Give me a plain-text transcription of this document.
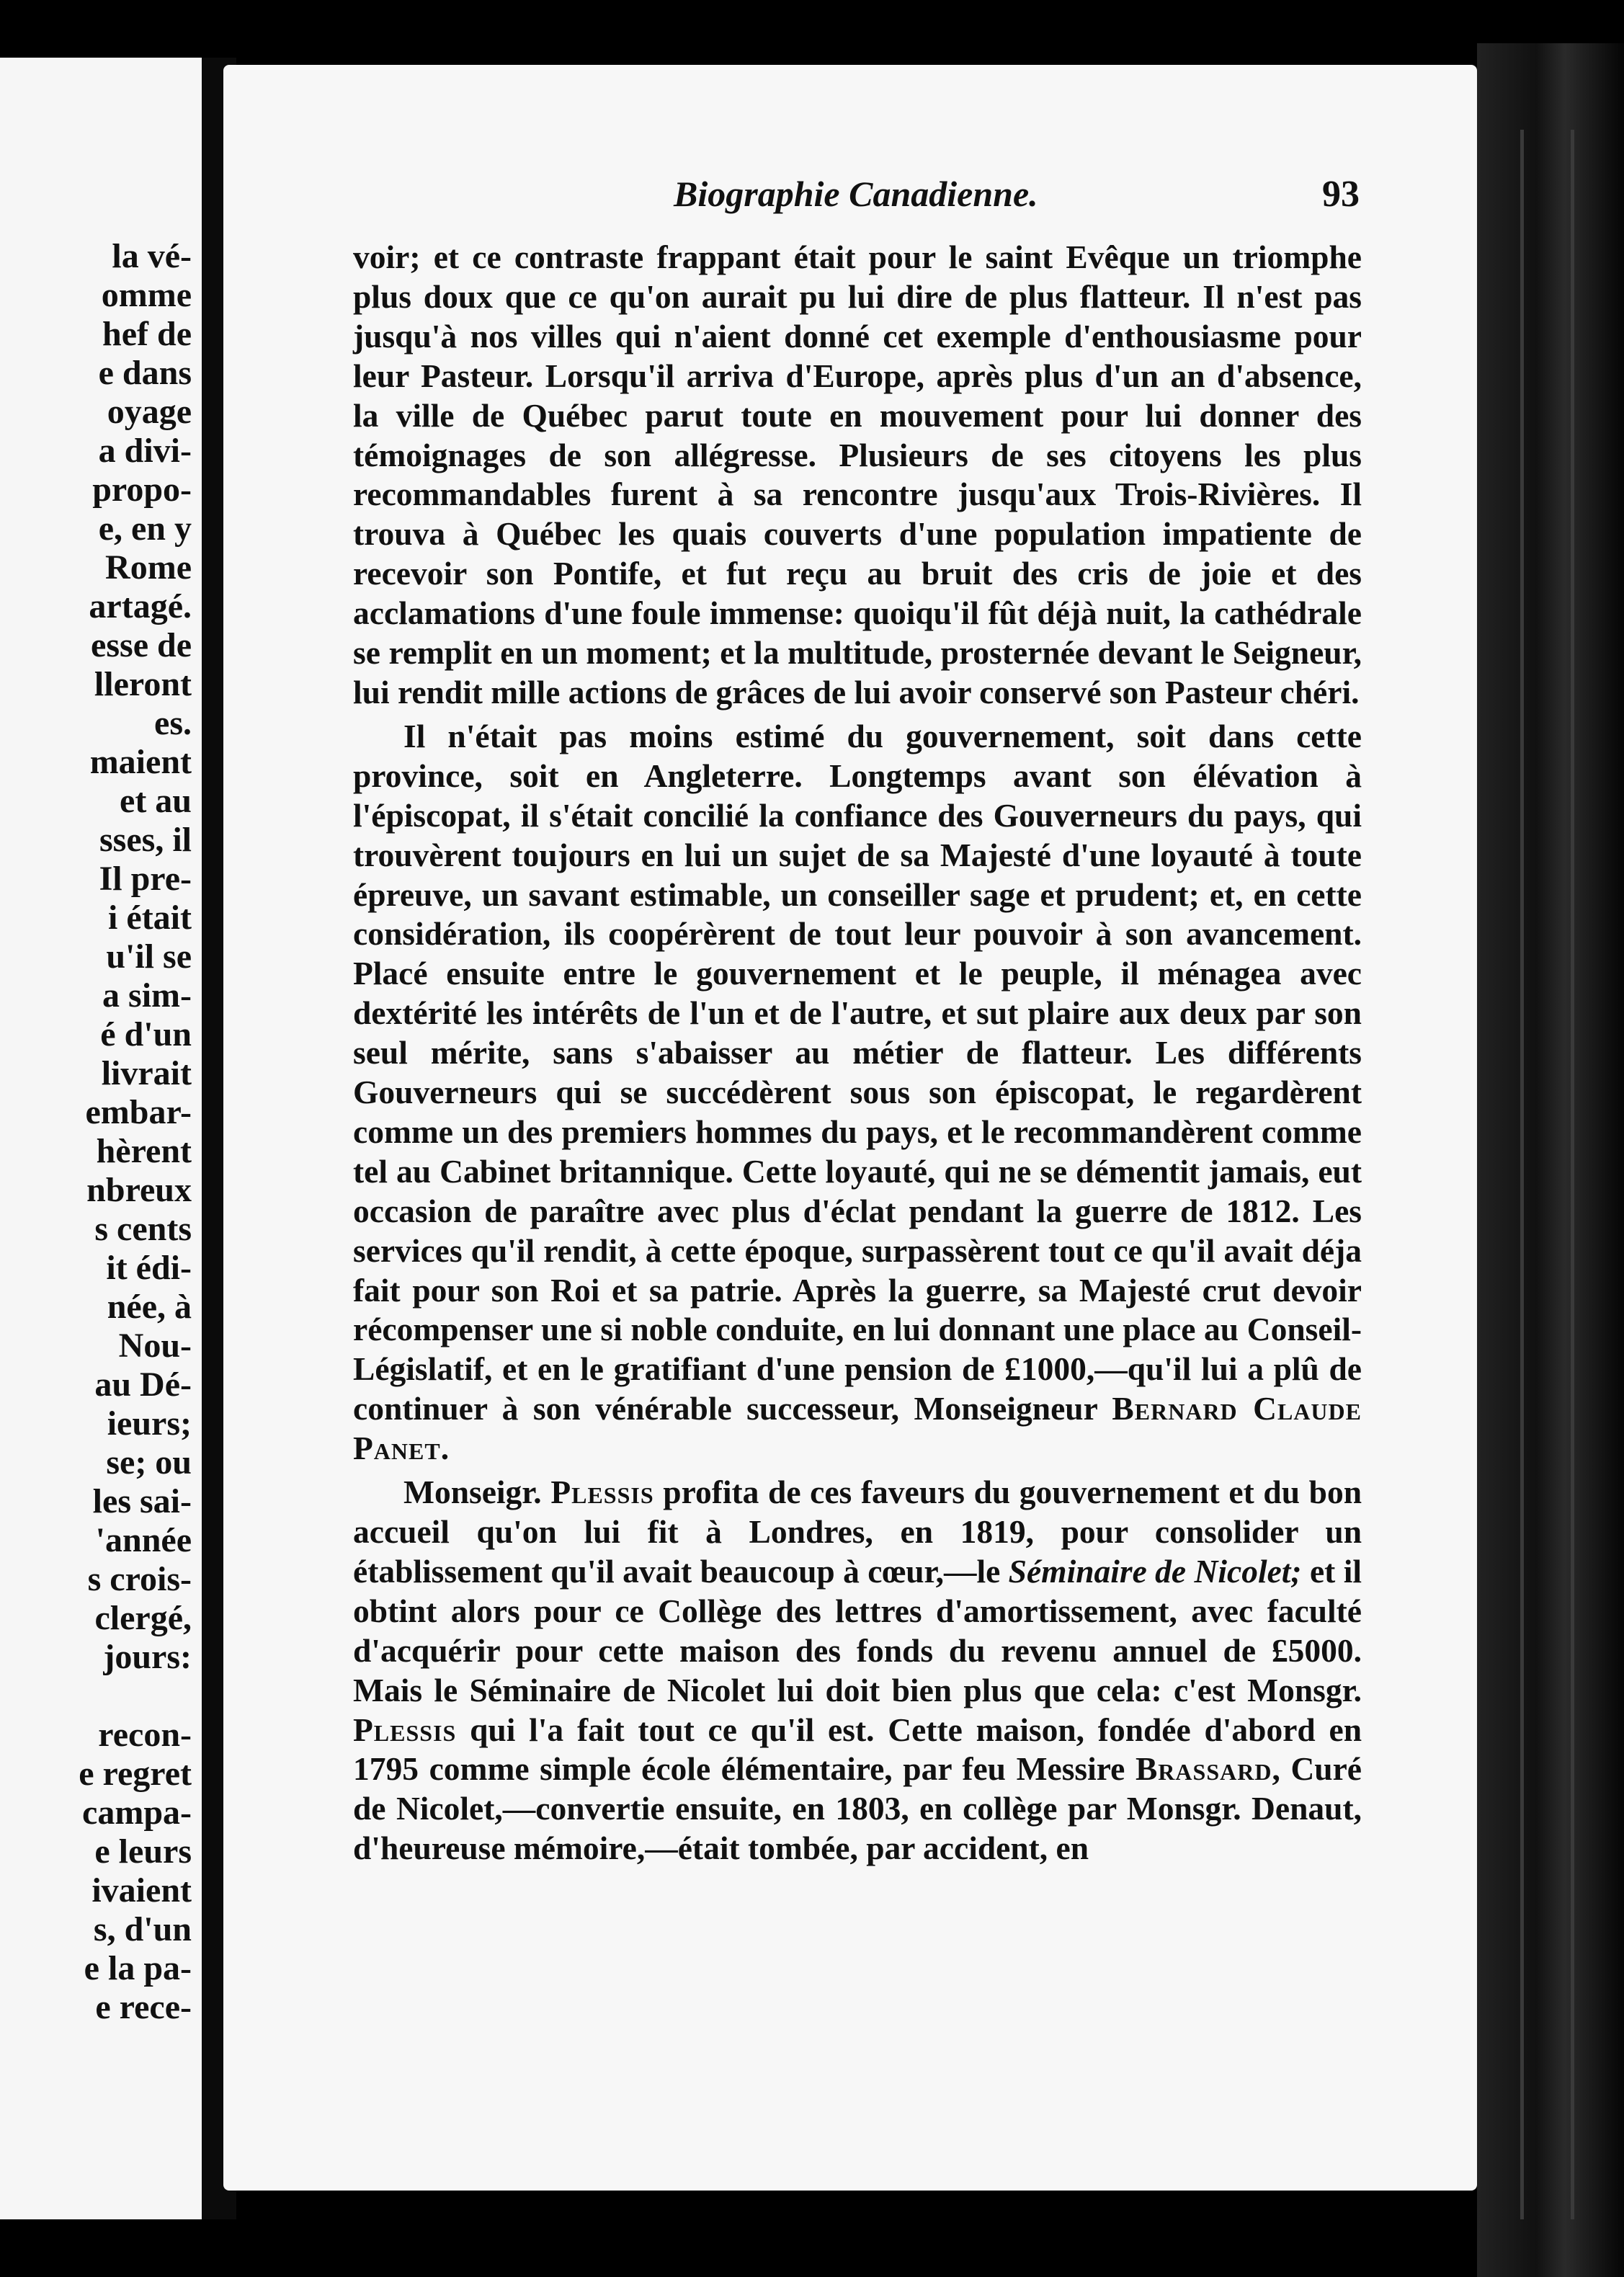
la vé-
omme
hef de
e dans
oyage
a divi-
propo-
e, en y
Rome
artagé.
esse de
lleront
es.
maient
et au
sses, il
Il pre-
i était
u'il se
a sim-
é d'un
livrait
embar-
hèrent
nbreux
s cents
it édi-
née, à
Nou-
au Dé-
ieurs;
se; ou
les sai-
'année
s crois-
clergé,
jours:
recon-
e regret
campa-
e leurs
ivaient
s, d'un
e la pa-
e rece-
Biographie Canadienne.	93

voir; et ce contraste frappant était pour le saint Evêque un triomphe plus doux que ce qu'on aurait pu lui dire de plus flatteur. Il n'est pas jusqu'à nos villes qui n'aient donné cet exemple d'enthousiasme pour leur Pasteur. Lorsqu'il arriva d'Europe, après plus d'un an d'absence, la ville de Québec parut toute en mouvement pour lui donner des témoignages de son allégresse. Plusieurs de ses citoyens les plus recommandables furent à sa rencontre jusqu'aux Trois-Rivières. Il trouva à Québec les quais couverts d'une population impatiente de recevoir son Pontife, et fut reçu au bruit des cris de joie et des acclamations d'une foule immense: quoiqu'il fût déjà nuit, la cathédrale se remplit en un moment; et la multitude, prosternée devant le Seigneur, lui rendit mille actions de grâces de lui avoir conservé son Pasteur chéri.

Il n'était pas moins estimé du gouvernement, soit dans cette province, soit en Angleterre. Longtemps avant son élévation à l'épiscopat, il s'était concilié la confiance des Gouverneurs du pays, qui trouvèrent toujours en lui un sujet de sa Majesté d'une loyauté à toute épreuve, un savant estimable, un conseiller sage et prudent; et, en cette considération, ils coopérèrent de tout leur pouvoir à son avancement. Placé ensuite entre le gouvernement et le peuple, il ménagea avec dextérité les intérêts de l'un et de l'autre, et sut plaire aux deux par son seul mérite, sans s'abaisser au métier de flatteur. Les différents Gouverneurs qui se succédèrent sous son épiscopat, le regardèrent comme un des premiers hommes du pays, et le recommandèrent comme tel au Cabinet britannique. Cette loyauté, qui ne se démentit jamais, eut occasion de paraître avec plus d'éclat pendant la guerre de 1812. Les services qu'il rendit, à cette époque, surpassèrent tout ce qu'il avait déja fait pour son Roi et sa patrie. Après la guerre, sa Majesté crut devoir récompenser une si noble conduite, en lui donnant une place au Conseil-Législatif, et en le gratifiant d'une pension de £1000,—qu'il lui a plû de continuer à son vénérable successeur, Monseigneur Bernard Claude Panet.

Monseigr. Plessis profita de ces faveurs du gouvernement et du bon accueil qu'on lui fit à Londres, en 1819, pour consolider un établissement qu'il avait beaucoup à cœur,—le Séminaire de Nicolet; et il obtint alors pour ce Collège des lettres d'amortissement, avec faculté d'acquérir pour cette maison des fonds du revenu annuel de £5000. Mais le Séminaire de Nicolet lui doit bien plus que cela: c'est Monsgr. Plessis qui l'a fait tout ce qu'il est. Cette maison, fondée d'abord en 1795 comme simple école élémentaire, par feu Messire Brassard, Curé de Nicolet,—convertie ensuite, en 1803, en collège par Monsgr. Denaut, d'heureuse mémoire,—était tombée, par accident, en
